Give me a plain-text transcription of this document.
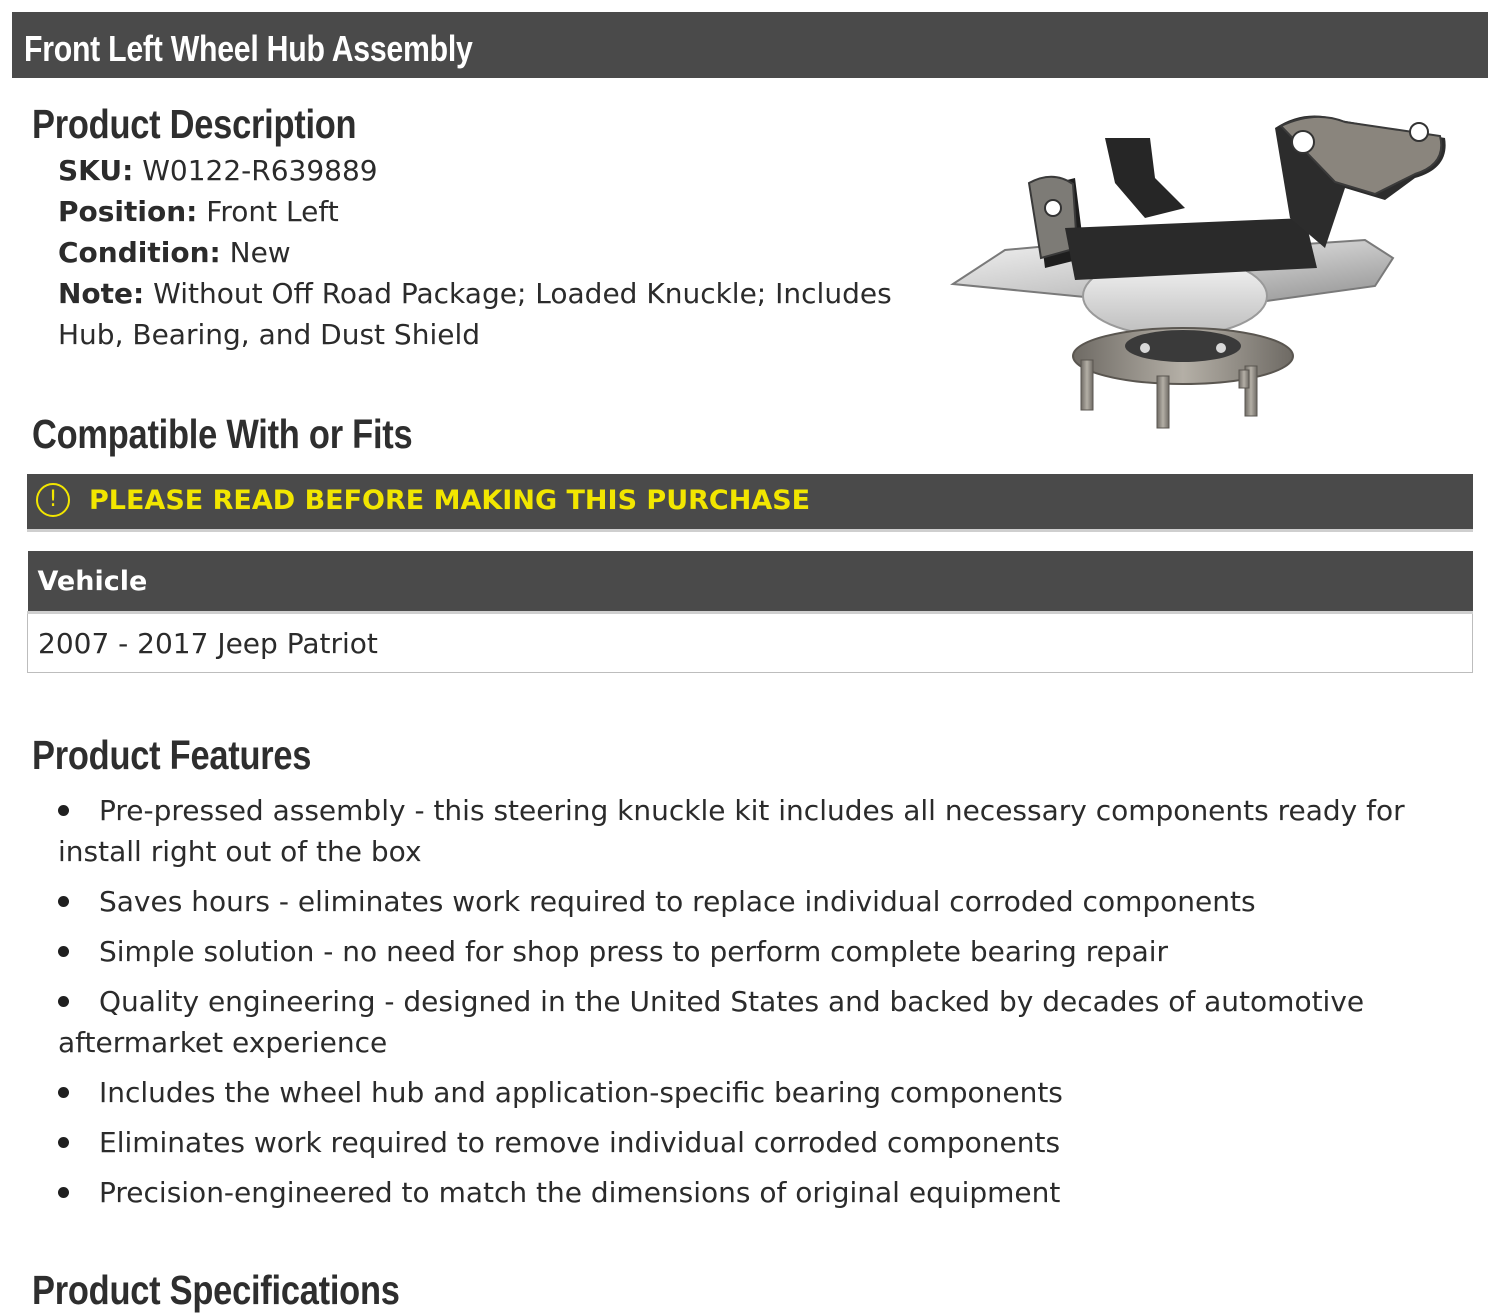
Front Left Wheel Hub Assembly
Product Description
SKU: W0122-R639889
Position: Front Left
Condition: New
Note: Without Off Road Package; Loaded Knuckle; Includes Hub, Bearing, and Dust Shield
Compatible With or Fits
!	PLEASE READ BEFORE MAKING THIS PURCHASE
Vehicle
2007 - 2017 Jeep Patriot
Product Features
Pre-pressed assembly - this steering knuckle kit includes all necessary components ready for install right out of the box
Saves hours - eliminates work required to replace individual corroded components
Simple solution - no need for shop press to perform complete bearing repair
Quality engineering - designed in the United States and backed by decades of automotive aftermarket experience
Includes the wheel hub and application-specific bearing components
Eliminates work required to remove individual corroded components
Precision-engineered to match the dimensions of original equipment
Product Specifications
